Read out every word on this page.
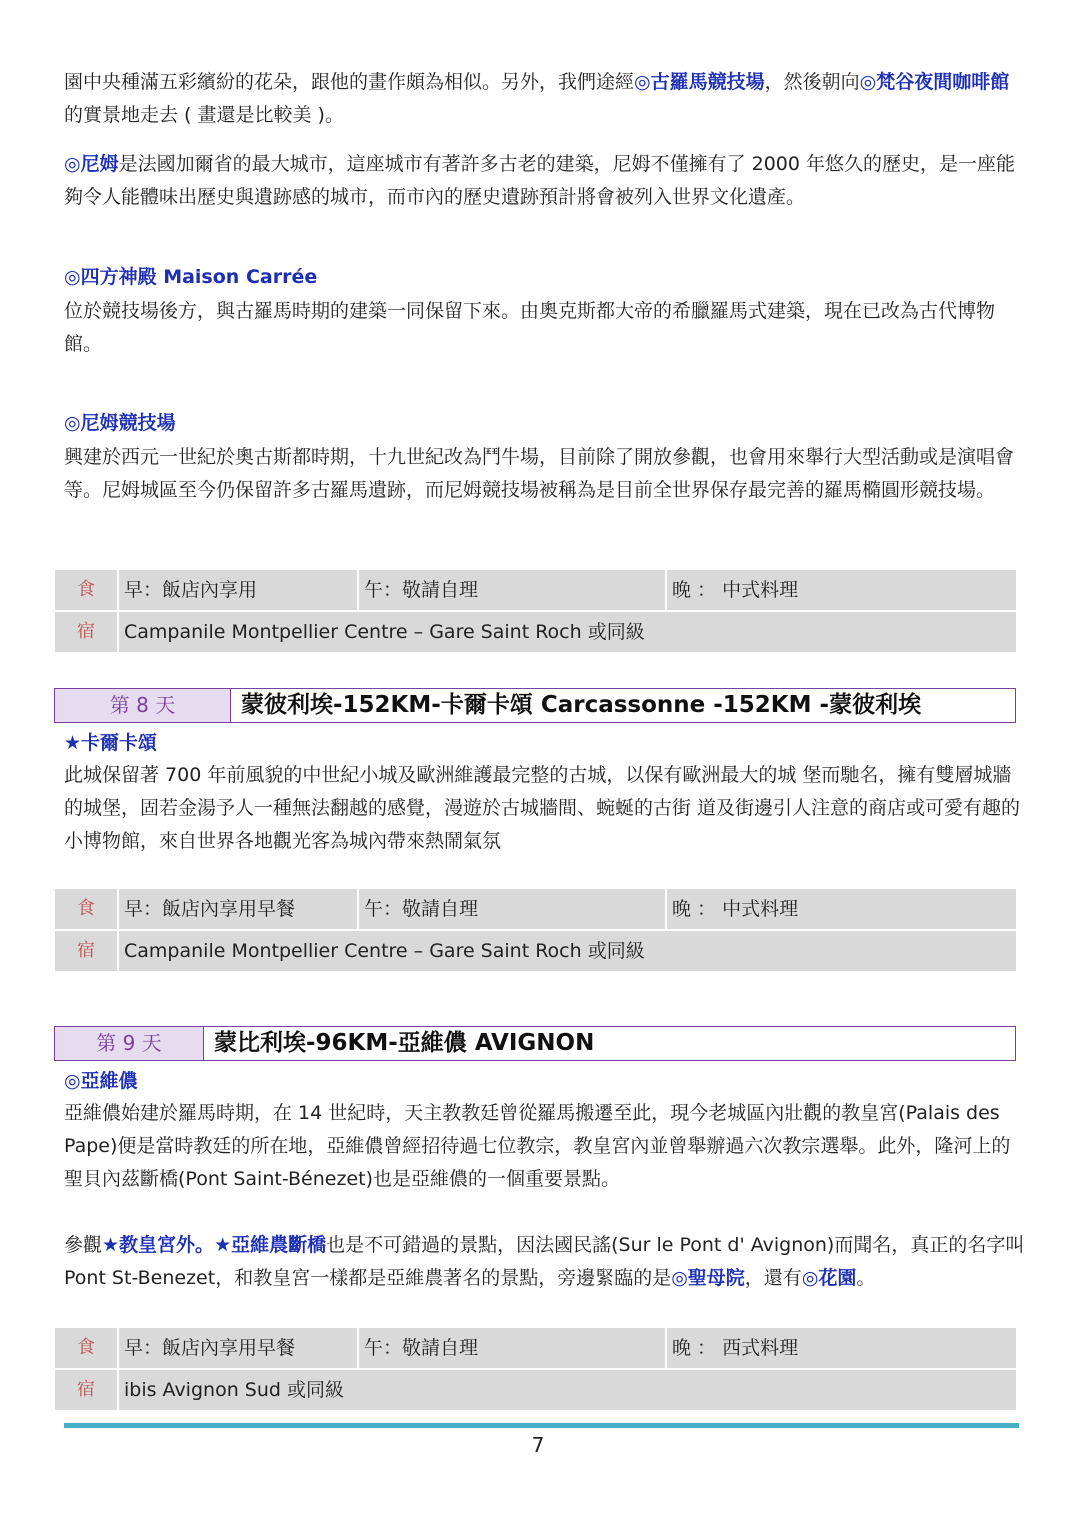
園中央種滿五彩繽紛的花朵，跟他的畫作頗為相似。另外，我們途經◎古羅馬競技場，然後朝向◎梵谷夜間咖啡館的實景地走去 ( 畫還是比較美 )。

◎尼姆是法國加爾省的最大城市，這座城市有著許多古老的建築，尼姆不僅擁有了 2000 年悠久的歷史，是一座能夠令人能體味出歷史與遺跡感的城市，而市內的歷史遺跡預計將會被列入世界文化遺產。

◎四方神殿 Maison Carrée

位於競技場後方，與古羅馬時期的建築一同保留下來。由奧克斯都大帝的希臘羅馬式建築，現在已改為古代博物館。

◎尼姆競技場

興建於西元一世紀於奧古斯都時期，十九世紀改為鬥牛場，目前除了開放參觀，也會用來舉行大型活動或是演唱會等。尼姆城區至今仍保留許多古羅馬遺跡，而尼姆競技場被稱為是目前全世界保存最完善的羅馬橢圓形競技場。

食	早：飯店內享用	午：敬請自理	晚 ： 中式料理
宿	Campanile Montpellier Centre – Gare Saint Roch 或同級
第 8 天	蒙彼利埃-152KM-卡爾卡頌 Carcassonne -152KM -蒙彼利埃

★卡爾卡頌

此城保留著 700 年前風貌的中世紀小城及歐洲維護最完整的古城，以保有歐洲最大的城 堡而馳名，擁有雙層城牆的城堡，固若金湯予人一種無法翻越的感覺，漫遊於古城牆間、蜿蜒的古街 道及街邊引人注意的商店或可愛有趣的小博物館，來自世界各地觀光客為城內帶來熱鬧氣氛

食	早：飯店內享用早餐	午：敬請自理	晚 ： 中式料理
宿	Campanile Montpellier Centre – Gare Saint Roch 或同級
第 9 天	蒙比利埃-96KM-亞維儂 AVIGNON

◎亞維儂

亞維儂始建於羅馬時期，在 14 世紀時，天主教教廷曾從羅馬搬遷至此，現今老城區內壯觀的教皇宮(Palais des Pape)便是當時教廷的所在地，亞維儂曾經招待過七位教宗，教皇宮內並曾舉辦過六次教宗選舉。此外，隆河上的聖貝內茲斷橋(Pont Saint-Bénezet)也是亞維儂的一個重要景點。

參觀★教皇宮外。★亞維農斷橋也是不可錯過的景點，因法國民謠(Sur le Pont d' Avignon)而聞名，真正的名字叫 Pont St-Benezet，和教皇宮一樣都是亞維農著名的景點，旁邊緊臨的是◎聖母院，還有◎花園。

食	早：飯店內享用早餐	午：敬請自理	晚 ： 西式料理
宿	ibis Avignon Sud 或同級
7
